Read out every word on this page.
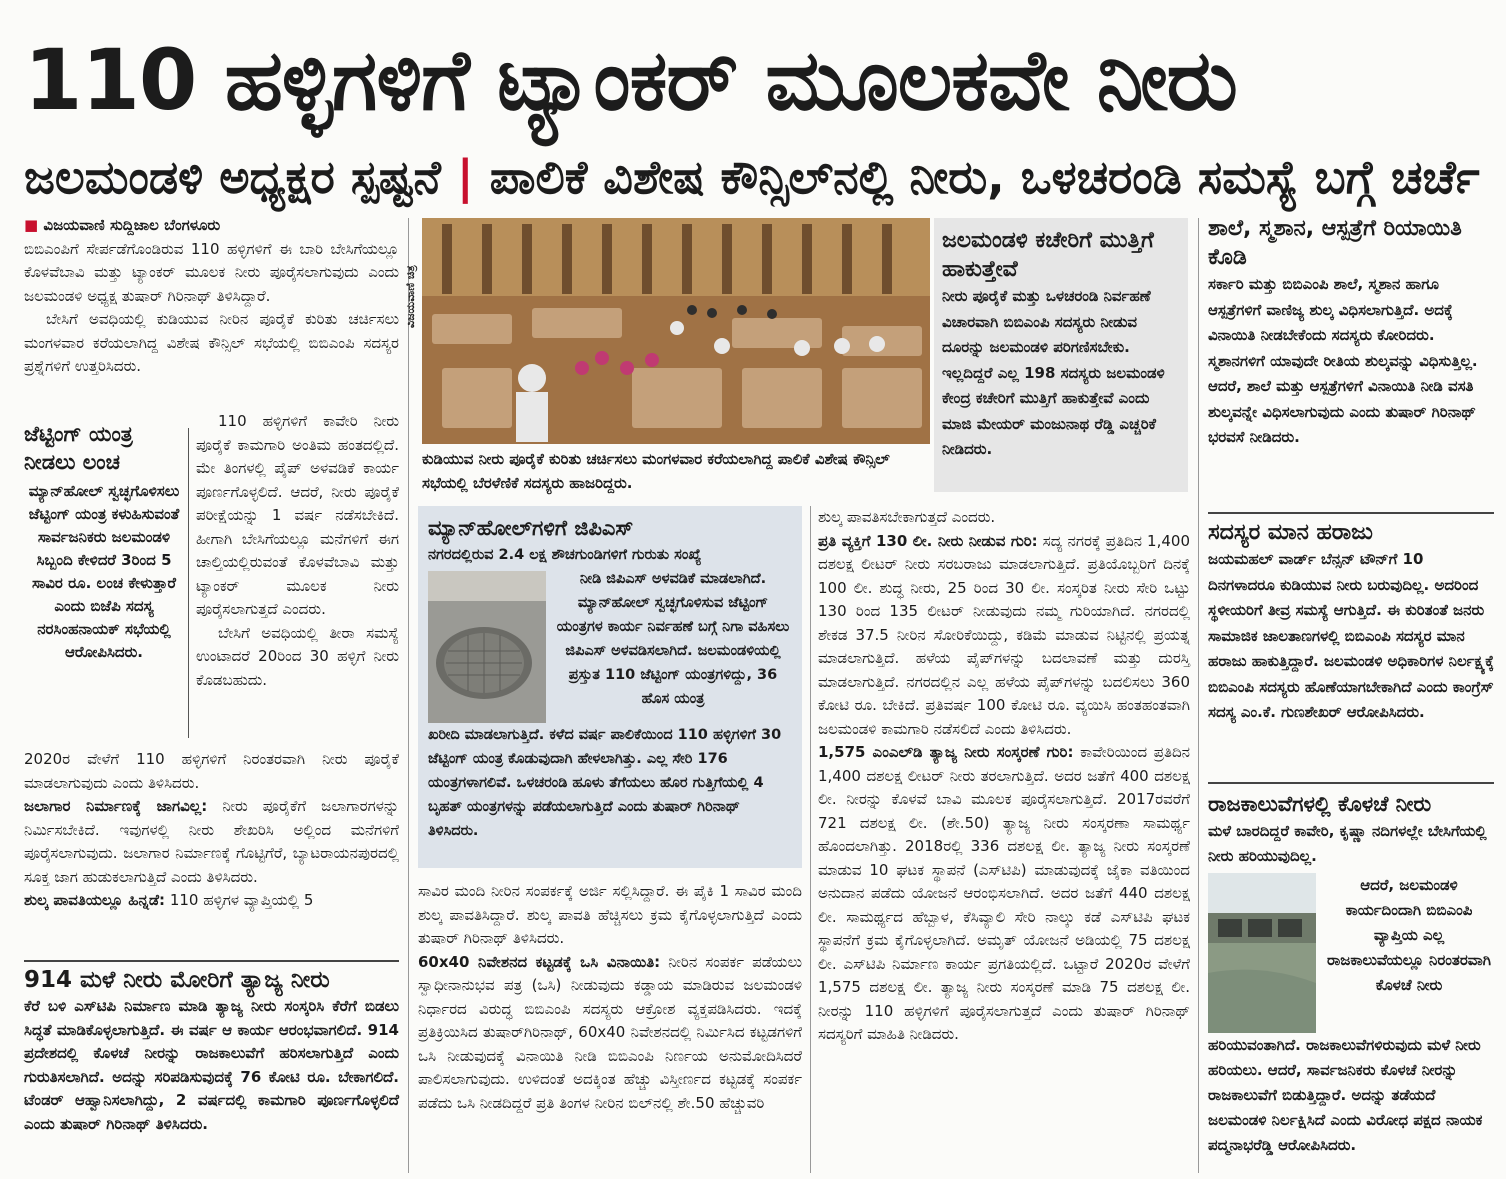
110 ಹಳ್ಳಿಗಳಿಗೆ ಟ್ಯಾಂಕರ್ ಮೂಲಕವೇ ನೀರು
ಜಲಮಂಡಳಿ ಅಧ್ಯಕ್ಷರ ಸ್ಪಷ್ಟನೆ | ಪಾಲಿಕೆ ವಿಶೇಷ ಕೌನ್ಸಿಲ್‌ನಲ್ಲಿ ನೀರು, ಒಳಚರಂಡಿ ಸಮಸ್ಯೆ ಬಗ್ಗೆ ಚರ್ಚೆ

■ ವಿಜಯವಾಣಿ ಸುದ್ದಿಜಾಲ ಬೆಂಗಳೂರು

ಬಿಬಿಎಂಪಿಗೆ ಸೇರ್ಪಡೆಗೊಂಡಿರುವ 110 ಹಳ್ಳಿಗಳಿಗೆ ಈ ಬಾರಿ ಬೇಸಿಗೆಯಲ್ಲೂ ಕೊಳವೆಬಾವಿ ಮತ್ತು ಟ್ಯಾಂಕರ್ ಮೂಲಕ ನೀರು ಪೂರೈಸಲಾಗುವುದು ಎಂದು ಜಲಮಂಡಳಿ ಅಧ್ಯಕ್ಷ ತುಷಾರ್ ಗಿರಿನಾಥ್ ತಿಳಿಸಿದ್ದಾರೆ.

ಬೇಸಿಗೆ ಅವಧಿಯಲ್ಲಿ ಕುಡಿಯುವ ನೀರಿನ ಪೂರೈಕೆ ಕುರಿತು ಚರ್ಚಿಸಲು ಮಂಗಳವಾರ ಕರೆಯಲಾಗಿದ್ದ ವಿಶೇಷ ಕೌನ್ಸಿಲ್ ಸಭೆಯಲ್ಲಿ ಬಿಬಿಎಂಪಿ ಸದಸ್ಯರ ಪ್ರಶ್ನೆಗಳಿಗೆ ಉತ್ತರಿಸಿದರು.

ಜೆಟ್ಟಿಂಗ್ ಯಂತ್ರ ನೀಡಲು ಲಂಚ

ಮ್ಯಾನ್‌ಹೋಲ್ ಸ್ವಚ್ಛಗೊಳಿಸಲು ಜೆಟ್ಟಿಂಗ್ ಯಂತ್ರ ಕಳುಹಿಸುವಂತೆ ಸಾರ್ವಜನಿಕರು ಜಲಮಂಡಳಿ ಸಿಬ್ಬಂದಿ ಕೇಳಿದರೆ 3ರಿಂದ 5 ಸಾವಿರ ರೂ. ಲಂಚ ಕೇಳುತ್ತಾರೆ ಎಂದು ಬಿಜೆಪಿ ಸದಸ್ಯ ನರಸಿಂಹನಾಯಕ್ ಸಭೆಯಲ್ಲಿ ಆರೋಪಿಸಿದರು.

110 ಹಳ್ಳಿಗಳಿಗೆ ಕಾವೇರಿ ನೀರು ಪೂರೈಕೆ ಕಾಮಗಾರಿ ಅಂತಿಮ ಹಂತದಲ್ಲಿದೆ. ಮೇ ತಿಂಗಳಲ್ಲಿ ಪೈಪ್ ಅಳವಡಿಕೆ ಕಾರ್ಯ ಪೂರ್ಣಗೊಳ್ಳಲಿದೆ. ಆದರೆ, ನೀರು ಪೂರೈಕೆ ಪರೀಕ್ಷೆಯನ್ನು 1 ವರ್ಷ ನಡೆಸಬೇಕಿದೆ. ಹೀಗಾಗಿ ಬೇಸಿಗೆಯಲ್ಲೂ ಮನೆಗಳಿಗೆ ಈಗ ಚಾಲ್ತಿಯಲ್ಲಿರುವಂತೆ ಕೊಳವೆಬಾವಿ ಮತ್ತು ಟ್ಯಾಂಕರ್ ಮೂಲಕ ನೀರು ಪೂರೈಸಲಾಗುತ್ತದೆ ಎಂದರು.

ಬೇಸಿಗೆ ಅವಧಿಯಲ್ಲಿ ತೀರಾ ಸಮಸ್ಯೆ ಉಂಟಾದರೆ 20ರಿಂದ 30 ಹಳ್ಳಿಗೆ ನೀರು ಕೊಡಬಹುದು.

2020ರ ವೇಳೆಗೆ 110 ಹಳ್ಳಿಗಳಿಗೆ ನಿರಂತರವಾಗಿ ನೀರು ಪೂರೈಕೆ ಮಾಡಲಾಗುವುದು ಎಂದು ತಿಳಿಸಿದರು.

ಜಲಾಗಾರ ನಿರ್ಮಾಣಕ್ಕೆ ಜಾಗವಿಲ್ಲ: ನೀರು ಪೂರೈಕೆಗೆ ಜಲಾಗಾರಗಳನ್ನು ನಿರ್ಮಿಸಬೇಕಿದೆ. ಇವುಗಳಲ್ಲಿ ನೀರು ಶೇಖರಿಸಿ ಅಲ್ಲಿಂದ ಮನೆಗಳಿಗೆ ಪೂರೈಸಲಾಗುವುದು. ಜಲಾಗಾರ ನಿರ್ಮಾಣಕ್ಕೆ ಗೊಟ್ಟಿಗೆರೆ, ಬ್ಯಾಟರಾಯನಪುರದಲ್ಲಿ ಸೂಕ್ತ ಜಾಗ ಹುಡುಕಲಾಗುತ್ತಿದೆ ಎಂದು ತಿಳಿಸಿದರು.

ಶುಲ್ಕ ಪಾವತಿಯಲ್ಲೂ ಹಿನ್ನಡೆ: 110 ಹಳ್ಳಿಗಳ ವ್ಯಾಪ್ತಿಯಲ್ಲಿ 5

914 ಮಳೆ ನೀರು ಮೋರಿಗೆ ತ್ಯಾಜ್ಯ ನೀರು

ಕೆರೆ ಬಳಿ ಎಸ್‌ಟಿಪಿ ನಿರ್ಮಾಣ ಮಾಡಿ ತ್ಯಾಜ್ಯ ನೀರು ಸಂಸ್ಕರಿಸಿ ಕೆರೆಗೆ ಬಿಡಲು ಸಿದ್ಧತೆ ಮಾಡಿಕೊಳ್ಳಲಾಗುತ್ತಿದೆ. ಈ ವರ್ಷ ಆ ಕಾರ್ಯ ಆರಂಭವಾಗಲಿದೆ. 914 ಪ್ರದೇಶದಲ್ಲಿ ಕೊಳಚೆ ನೀರನ್ನು ರಾಜಕಾಲುವೆಗೆ ಹರಿಸಲಾಗುತ್ತಿದೆ ಎಂದು ಗುರುತಿಸಲಾಗಿದೆ. ಅದನ್ನು ಸರಿಪಡಿಸುವುದಕ್ಕೆ 76 ಕೋಟಿ ರೂ. ಬೇಕಾಗಲಿದೆ. ಟೆಂಡರ್ ಆಹ್ವಾನಿಸಲಾಗಿದ್ದು, 2 ವರ್ಷದಲ್ಲಿ ಕಾಮಗಾರಿ ಪೂರ್ಣಗೊಳ್ಳಲಿದೆ ಎಂದು ತುಷಾರ್ ಗಿರಿನಾಥ್ ತಿಳಿಸಿದರು.

ವಿಜಯವಾಣಿ ಚಿತ್ರ

ಕುಡಿಯುವ ನೀರು ಪೂರೈಕೆ ಕುರಿತು ಚರ್ಚಿಸಲು ಮಂಗಳವಾರ ಕರೆಯಲಾಗಿದ್ದ ಪಾಲಿಕೆ ವಿಶೇಷ ಕೌನ್ಸಿಲ್ ಸಭೆಯಲ್ಲಿ ಬೆರಳೆಣಿಕೆ ಸದಸ್ಯರು ಹಾಜರಿದ್ದರು.

ಜಲಮಂಡಳಿ ಕಚೇರಿಗೆ ಮುತ್ತಿಗೆ ಹಾಕುತ್ತೇವೆ

ನೀರು ಪೂರೈಕೆ ಮತ್ತು ಒಳಚರಂಡಿ ನಿರ್ವಹಣೆ ವಿಚಾರವಾಗಿ ಬಿಬಿಎಂಪಿ ಸದಸ್ಯರು ನೀಡುವ ದೂರನ್ನು ಜಲಮಂಡಳಿ ಪರಿಗಣಿಸಬೇಕು. ಇಲ್ಲದಿದ್ದರೆ ಎಲ್ಲ 198 ಸದಸ್ಯರು ಜಲಮಂಡಳಿ ಕೇಂದ್ರ ಕಚೇರಿಗೆ ಮುತ್ತಿಗೆ ಹಾಕುತ್ತೇವೆ ಎಂದು ಮಾಜಿ ಮೇಯರ್ ಮಂಜುನಾಥ ರೆಡ್ಡಿ ಎಚ್ಚರಿಕೆ ನೀಡಿದರು.

ಶಾಲೆ, ಸ್ಮಶಾನ, ಆಸ್ಪತ್ರೆಗೆ ರಿಯಾಯಿತಿ ಕೊಡಿ

ಸರ್ಕಾರಿ ಮತ್ತು ಬಿಬಿಎಂಪಿ ಶಾಲೆ, ಸ್ಮಶಾನ ಹಾಗೂ ಆಸ್ಪತ್ರೆಗಳಿಗೆ ವಾಣಿಜ್ಯ ಶುಲ್ಕ ವಿಧಿಸಲಾಗುತ್ತಿದೆ. ಅದಕ್ಕೆ ವಿನಾಯಿತಿ ನೀಡಬೇಕೆಂದು ಸದಸ್ಯರು ಕೋರಿದರು. ಸ್ಮಶಾನಗಳಿಗೆ ಯಾವುದೇ ರೀತಿಯ ಶುಲ್ಕವನ್ನು ವಿಧಿಸುತ್ತಿಲ್ಲ. ಆದರೆ, ಶಾಲೆ ಮತ್ತು ಆಸ್ಪತ್ರೆಗಳಿಗೆ ವಿನಾಯಿತಿ ನೀಡಿ ವಸತಿ ಶುಲ್ಕವನ್ನೇ ವಿಧಿಸಲಾಗುವುದು ಎಂದು ತುಷಾರ್ ಗಿರಿನಾಥ್ ಭರವಸೆ ನೀಡಿದರು.

ಸದಸ್ಯರ ಮಾನ ಹರಾಜು

ಜಯಮಹಲ್ ವಾರ್ಡ್ ಬೆನ್ಸನ್ ಟೌನ್‌ಗೆ 10 ದಿನಗಳಾದರೂ ಕುಡಿಯುವ ನೀರು ಬರುವುದಿಲ್ಲ. ಅದರಿಂದ ಸ್ಥಳೀಯರಿಗೆ ತೀವ್ರ ಸಮಸ್ಯೆ ಆಗುತ್ತಿದೆ. ಈ ಕುರಿತಂತೆ ಜನರು ಸಾಮಾಜಿಕ ಜಾಲತಾಣಗಳಲ್ಲಿ ಬಿಬಿಎಂಪಿ ಸದಸ್ಯರ ಮಾನ ಹರಾಜು ಹಾಕುತ್ತಿದ್ದಾರೆ. ಜಲಮಂಡಳಿ ಅಧಿಕಾರಿಗಳ ನಿರ್ಲಕ್ಷ್ಯಕ್ಕೆ ಬಿಬಿಎಂಪಿ ಸದಸ್ಯರು ಹೊಣೆಯಾಗಬೇಕಾಗಿದೆ ಎಂದು ಕಾಂಗ್ರೆಸ್ ಸದಸ್ಯ ಎಂ.ಕೆ. ಗುಣಶೇಖರ್ ಆರೋಪಿಸಿದರು.

ರಾಜಕಾಲುವೆಗಳಲ್ಲಿ ಕೊಳಚೆ ನೀರು

ಮಳೆ ಬಾರದಿದ್ದರೆ ಕಾವೇರಿ, ಕೃಷ್ಣಾ ನದಿಗಳಲ್ಲೇ ಬೇಸಿಗೆಯಲ್ಲಿ ನೀರು ಹರಿಯುವುದಿಲ್ಲ.

ಆದರೆ, ಜಲಮಂಡಳಿ ಕಾರ್ಯದಿಂದಾಗಿ ಬಿಬಿಎಂಪಿ ವ್ಯಾಪ್ತಿಯ ಎಲ್ಲ ರಾಜಕಾಲುವೆಯಲ್ಲೂ ನಿರಂತರವಾಗಿ ಕೊಳಚೆ ನೀರು

ಹರಿಯುವಂತಾಗಿದೆ. ರಾಜಕಾಲುವೆಗಳಿರುವುದು ಮಳೆ ನೀರು ಹರಿಯಲು. ಆದರೆ, ಸಾರ್ವಜನಿಕರು ಕೊಳಚೆ ನೀರನ್ನು ರಾಜಕಾಲುವೆಗೆ ಬಿಡುತ್ತಿದ್ದಾರೆ. ಅದನ್ನು ತಡೆಯದೆ ಜಲಮಂಡಳಿ ನಿರ್ಲಕ್ಷಿಸಿದೆ ಎಂದು ವಿರೋಧ ಪಕ್ಷದ ನಾಯಕ ಪದ್ಮನಾಭರೆಡ್ಡಿ ಆರೋಪಿಸಿದರು.

ಮ್ಯಾನ್‌ಹೋಲ್‌ಗಳಿಗೆ ಜಿಪಿಎಸ್

ನಗರದಲ್ಲಿರುವ 2.4 ಲಕ್ಷ ಶೌಚಗುಂಡಿಗಳಿಗೆ ಗುರುತು ಸಂಖ್ಯೆ

ನೀಡಿ ಜಿಪಿಎಸ್ ಅಳವಡಿಕೆ ಮಾಡಲಾಗಿದೆ. ಮ್ಯಾನ್‌ಹೋಲ್ ಸ್ವಚ್ಛಗೊಳಿಸುವ ಜೆಟ್ಟಿಂಗ್ ಯಂತ್ರಗಳ ಕಾರ್ಯ ನಿರ್ವಹಣೆ ಬಗ್ಗೆ ನಿಗಾ ವಹಿಸಲು ಜಿಪಿಎಸ್ ಅಳವಡಿಸಲಾಗಿದೆ. ಜಲಮಂಡಳಿಯಲ್ಲಿ ಪ್ರಸ್ತುತ 110 ಜೆಟ್ಟಿಂಗ್ ಯಂತ್ರಗಳಿದ್ದು, 36 ಹೊಸ ಯಂತ್ರ

ಖರೀದಿ ಮಾಡಲಾಗುತ್ತಿದೆ. ಕಳೆದ ವರ್ಷ ಪಾಲಿಕೆಯಿಂದ 110 ಹಳ್ಳಿಗಳಿಗೆ 30 ಜೆಟ್ಟಿಂಗ್ ಯಂತ್ರ ಕೊಡುವುದಾಗಿ ಹೇಳಲಾಗಿತ್ತು. ಎಲ್ಲ ಸೇರಿ 176 ಯಂತ್ರಗಳಾಗಲಿವೆ. ಒಳಚರಂಡಿ ಹೂಳು ತೆಗೆಯಲು ಹೊರ ಗುತ್ತಿಗೆಯಲ್ಲಿ 4 ಬೃಹತ್ ಯಂತ್ರಗಳನ್ನು ಪಡೆಯಲಾಗುತ್ತಿದೆ ಎಂದು ತುಷಾರ್ ಗಿರಿನಾಥ್ ತಿಳಿಸಿದರು.

ಸಾವಿರ ಮಂದಿ ನೀರಿನ ಸಂಪರ್ಕಕ್ಕೆ ಅರ್ಜಿ ಸಲ್ಲಿಸಿದ್ದಾರೆ. ಈ ಪೈಕಿ 1 ಸಾವಿರ ಮಂದಿ ಶುಲ್ಕ ಪಾವತಿಸಿದ್ದಾರೆ. ಶುಲ್ಕ ಪಾವತಿ ಹೆಚ್ಚಿಸಲು ಕ್ರಮ ಕೈಗೊಳ್ಳಲಾಗುತ್ತಿದೆ ಎಂದು ತುಷಾರ್ ಗಿರಿನಾಥ್ ತಿಳಿಸಿದರು.

60x40 ನಿವೇಶನದ ಕಟ್ಟಡಕ್ಕೆ ಒಸಿ ವಿನಾಯಿತಿ: ನೀರಿನ ಸಂಪರ್ಕ ಪಡೆಯಲು ಸ್ವಾಧೀನಾನುಭವ ಪತ್ರ (ಒಸಿ) ನೀಡುವುದು ಕಡ್ಡಾಯ ಮಾಡಿರುವ ಜಲಮಂಡಳಿ ನಿರ್ಧಾರದ ವಿರುದ್ಧ ಬಿಬಿಎಂಪಿ ಸದಸ್ಯರು ಆಕ್ರೋಶ ವ್ಯಕ್ತಪಡಿಸಿದರು. ಇದಕ್ಕೆ ಪ್ರತಿಕ್ರಿಯಿಸಿದ ತುಷಾರ್‌ಗಿರಿನಾಥ್, 60x40 ನಿವೇಶನದಲ್ಲಿ ನಿರ್ಮಿಸಿದ ಕಟ್ಟಡಗಳಿಗೆ ಒಸಿ ನೀಡುವುದಕ್ಕೆ ವಿನಾಯಿತಿ ನೀಡಿ ಬಿಬಿಎಂಪಿ ನಿರ್ಣಯ ಅನುಮೋದಿಸಿದರೆ ಪಾಲಿಸಲಾಗುವುದು. ಉಳಿದಂತೆ ಅದಕ್ಕಿಂತ ಹೆಚ್ಚು ವಿಸ್ತೀರ್ಣದ ಕಟ್ಟಡಕ್ಕೆ ಸಂಪರ್ಕ ಪಡೆದು ಒಸಿ ನೀಡದಿದ್ದರೆ ಪ್ರತಿ ತಿಂಗಳ ನೀರಿನ ಬಿಲ್‌ನಲ್ಲಿ ಶೇ.50 ಹೆಚ್ಚುವರಿ

ಶುಲ್ಕ ಪಾವತಿಸಬೇಕಾಗುತ್ತದೆ ಎಂದರು.

ಪ್ರತಿ ವ್ಯಕ್ತಿಗೆ 130 ಲೀ. ನೀರು ನೀಡುವ ಗುರಿ: ಸದ್ಯ ನಗರಕ್ಕೆ ಪ್ರತಿದಿನ 1,400 ದಶಲಕ್ಷ ಲೀಟರ್ ನೀರು ಸರಬರಾಜು ಮಾಡಲಾಗುತ್ತಿದೆ. ಪ್ರತಿಯೊಬ್ಬರಿಗೆ ದಿನಕ್ಕೆ 100 ಲೀ. ಶುದ್ಧ ನೀರು, 25 ರಿಂದ 30 ಲೀ. ಸಂಸ್ಕರಿತ ನೀರು ಸೇರಿ ಒಟ್ಟು 130 ರಿಂದ 135 ಲೀಟರ್ ನೀಡುವುದು ನಮ್ಮ ಗುರಿಯಾಗಿದೆ. ನಗರದಲ್ಲಿ ಶೇಕಡ 37.5 ನೀರಿನ ಸೋರಿಕೆಯಿದ್ದು, ಕಡಿಮೆ ಮಾಡುವ ನಿಟ್ಟಿನಲ್ಲಿ ಪ್ರಯತ್ನ ಮಾಡಲಾಗುತ್ತಿದೆ. ಹಳೆಯ ಪೈಪ್‌ಗಳನ್ನು ಬದಲಾವಣೆ ಮತ್ತು ದುರಸ್ತಿ ಮಾಡಲಾಗುತ್ತಿದೆ. ನಗರದಲ್ಲಿನ ಎಲ್ಲ ಹಳೆಯ ಪೈಪ್‌ಗಳನ್ನು ಬದಲಿಸಲು 360 ಕೋಟಿ ರೂ. ಬೇಕಿದೆ. ಪ್ರತಿವರ್ಷ 100 ಕೋಟಿ ರೂ. ವ್ಯಯಿಸಿ ಹಂತಹಂತವಾಗಿ ಜಲಮಂಡಳಿ ಕಾಮಗಾರಿ ನಡೆಸಲಿದೆ ಎಂದು ತಿಳಿಸಿದರು.

1,575 ಎಂಎಲ್‌ಡಿ ತ್ಯಾಜ್ಯ ನೀರು ಸಂಸ್ಕರಣೆ ಗುರಿ: ಕಾವೇರಿಯಿಂದ ಪ್ರತಿದಿನ 1,400 ದಶಲಕ್ಷ ಲೀಟರ್ ನೀರು ತರಲಾಗುತ್ತಿದೆ. ಅದರ ಜತೆಗೆ 400 ದಶಲಕ್ಷ ಲೀ. ನೀರನ್ನು ಕೊಳವೆ ಬಾವಿ ಮೂಲಕ ಪೂರೈಸಲಾಗುತ್ತಿದೆ. 2017ರವರೆಗೆ 721 ದಶಲಕ್ಷ ಲೀ. (ಶೇ.50) ತ್ಯಾಜ್ಯ ನೀರು ಸಂಸ್ಕರಣಾ ಸಾಮರ್ಥ್ಯ ಹೊಂದಲಾಗಿತ್ತು. 2018ರಲ್ಲಿ 336 ದಶಲಕ್ಷ ಲೀ. ತ್ಯಾಜ್ಯ ನೀರು ಸಂಸ್ಕರಣೆ ಮಾಡುವ 10 ಘಟಕ ಸ್ಥಾಪನೆ (ಎಸ್‌ಟಿಪಿ) ಮಾಡುವುದಕ್ಕೆ ಜೈಕಾ ವತಿಯಿಂದ ಅನುದಾನ ಪಡೆದು ಯೋಜನೆ ಆರಂಭಿಸಲಾಗಿದೆ. ಅದರ ಜತೆಗೆ 440 ದಶಲಕ್ಷ ಲೀ. ಸಾಮರ್ಥ್ಯದ ಹೆಬ್ಬಾಳ, ಕೆಸಿವ್ಯಾಲಿ ಸೇರಿ ನಾಲ್ಕು ಕಡೆ ಎಸ್‌ಟಿಪಿ ಘಟಕ ಸ್ಥಾಪನೆಗೆ ಕ್ರಮ ಕೈಗೊಳ್ಳಲಾಗಿದೆ. ಅಮೃತ್ ಯೋಜನೆ ಅಡಿಯಲ್ಲಿ 75 ದಶಲಕ್ಷ ಲೀ. ಎಸ್‌ಟಿಪಿ ನಿರ್ಮಾಣ ಕಾರ್ಯ ಪ್ರಗತಿಯಲ್ಲಿದೆ. ಒಟ್ಟಾರೆ 2020ರ ವೇಳೆಗೆ 1,575 ದಶಲಕ್ಷ ಲೀ. ತ್ಯಾಜ್ಯ ನೀರು ಸಂಸ್ಕರಣೆ ಮಾಡಿ 75 ದಶಲಕ್ಷ ಲೀ. ನೀರನ್ನು 110 ಹಳ್ಳಿಗಳಿಗೆ ಪೂರೈಸಲಾಗುತ್ತದೆ ಎಂದು ತುಷಾರ್ ಗಿರಿನಾಥ್ ಸದಸ್ಯರಿಗೆ ಮಾಹಿತಿ ನೀಡಿದರು.
